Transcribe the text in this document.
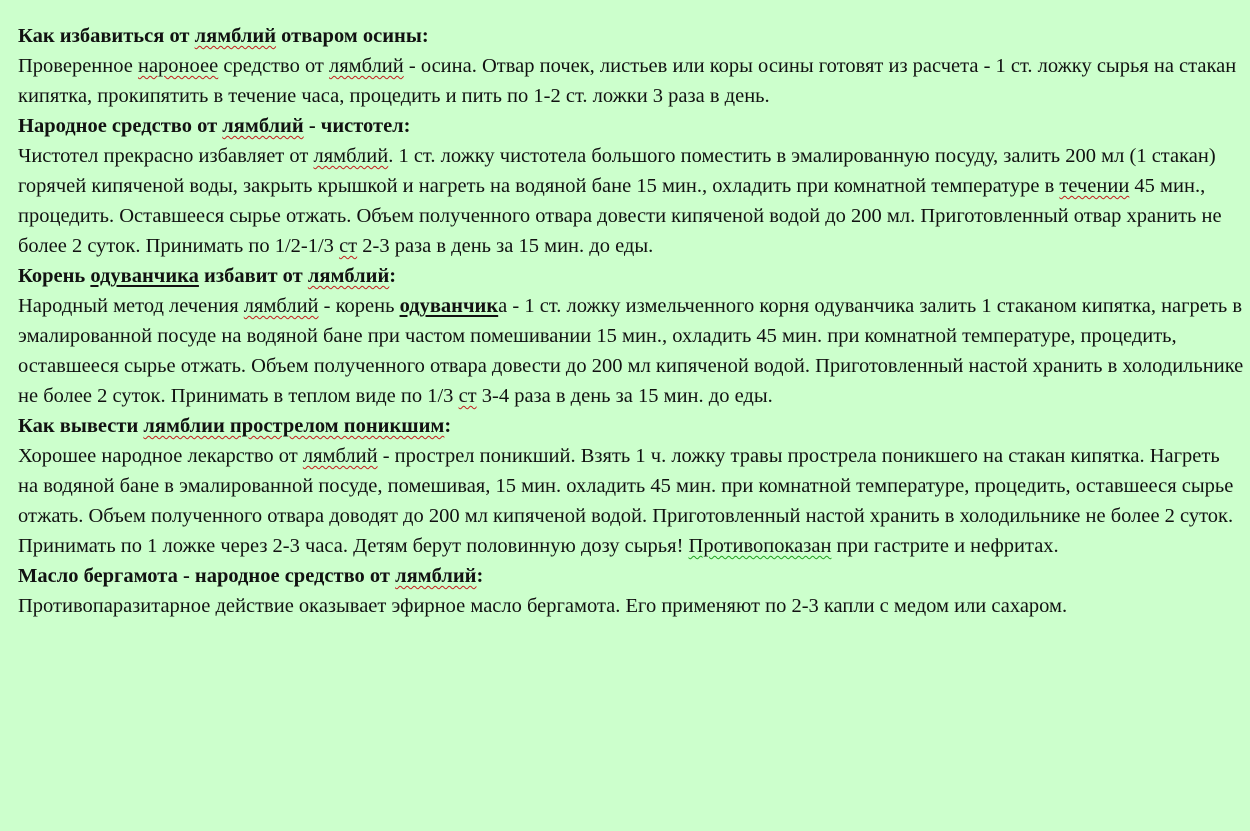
Как избавиться от лямблий отваром осины:

Проверенное нароноее средство от лямблий - осина. Отвар почек, листьев или коры осины готовят из расчета - 1 ст. ложку сырья на стакан кипятка, прокипятить в течение часа, процедить и пить по 1-2 ст. ложки 3 раза в день.

Народное средство от лямблий - чистотел:

Чистотел прекрасно избавляет от лямблий. 1 ст. ложку чистотела большого поместить в эмалированную посуду, залить 200 мл (1 стакан) горячей кипяченой воды, закрыть крышкой и нагреть на водяной бане 15 мин., охладить при комнатной температуре в течении 45 мин., процедить. Оставшееся сырье отжать. Объем полученного отвара довести кипяченой водой до 200 мл. Приготовленный отвар хранить не более 2 суток. Принимать по 1/2-1/3 ст 2-3 раза в день за 15 мин. до еды.

Корень одуванчика избавит от лямблий:

Народный метод лечения лямблий - корень одуванчика - 1 ст. ложку измельченного корня одуванчика залить 1 стаканом кипятка, нагреть в эмалированной посуде на водяной бане при частом помешивании 15 мин., охладить 45 мин. при комнатной температуре, процедить, оставшееся сырье отжать. Объем полученного отвара довести до 200 мл кипяченой водой. Приготовленный настой хранить в холодильнике не более 2 суток. Принимать в теплом виде по 1/3 ст 3-4 раза в день за 15 мин. до еды.

Как вывести лямблии прострелом поникшим:

Хорошее народное лекарство от лямблий - прострел поникший. Взять 1 ч. ложку травы прострела поникшего на стакан кипятка. Нагреть на водяной бане в эмалированной посуде, помешивая, 15 мин. охладить 45 мин. при комнатной температуре, процедить, оставшееся сырье отжать. Объем полученного отвара доводят до 200 мл кипяченой водой. Приготовленный настой хранить в холодильнике не более 2 суток. Принимать по 1 ложке через 2-3 часа. Детям берут половинную дозу сырья! Противопоказан при гастрите и нефритах.

Масло бергамота - народное средство от лямблий:

Противопаразитарное действие оказывает эфирное масло бергамота. Его применяют по 2-3 капли с медом или сахаром.
